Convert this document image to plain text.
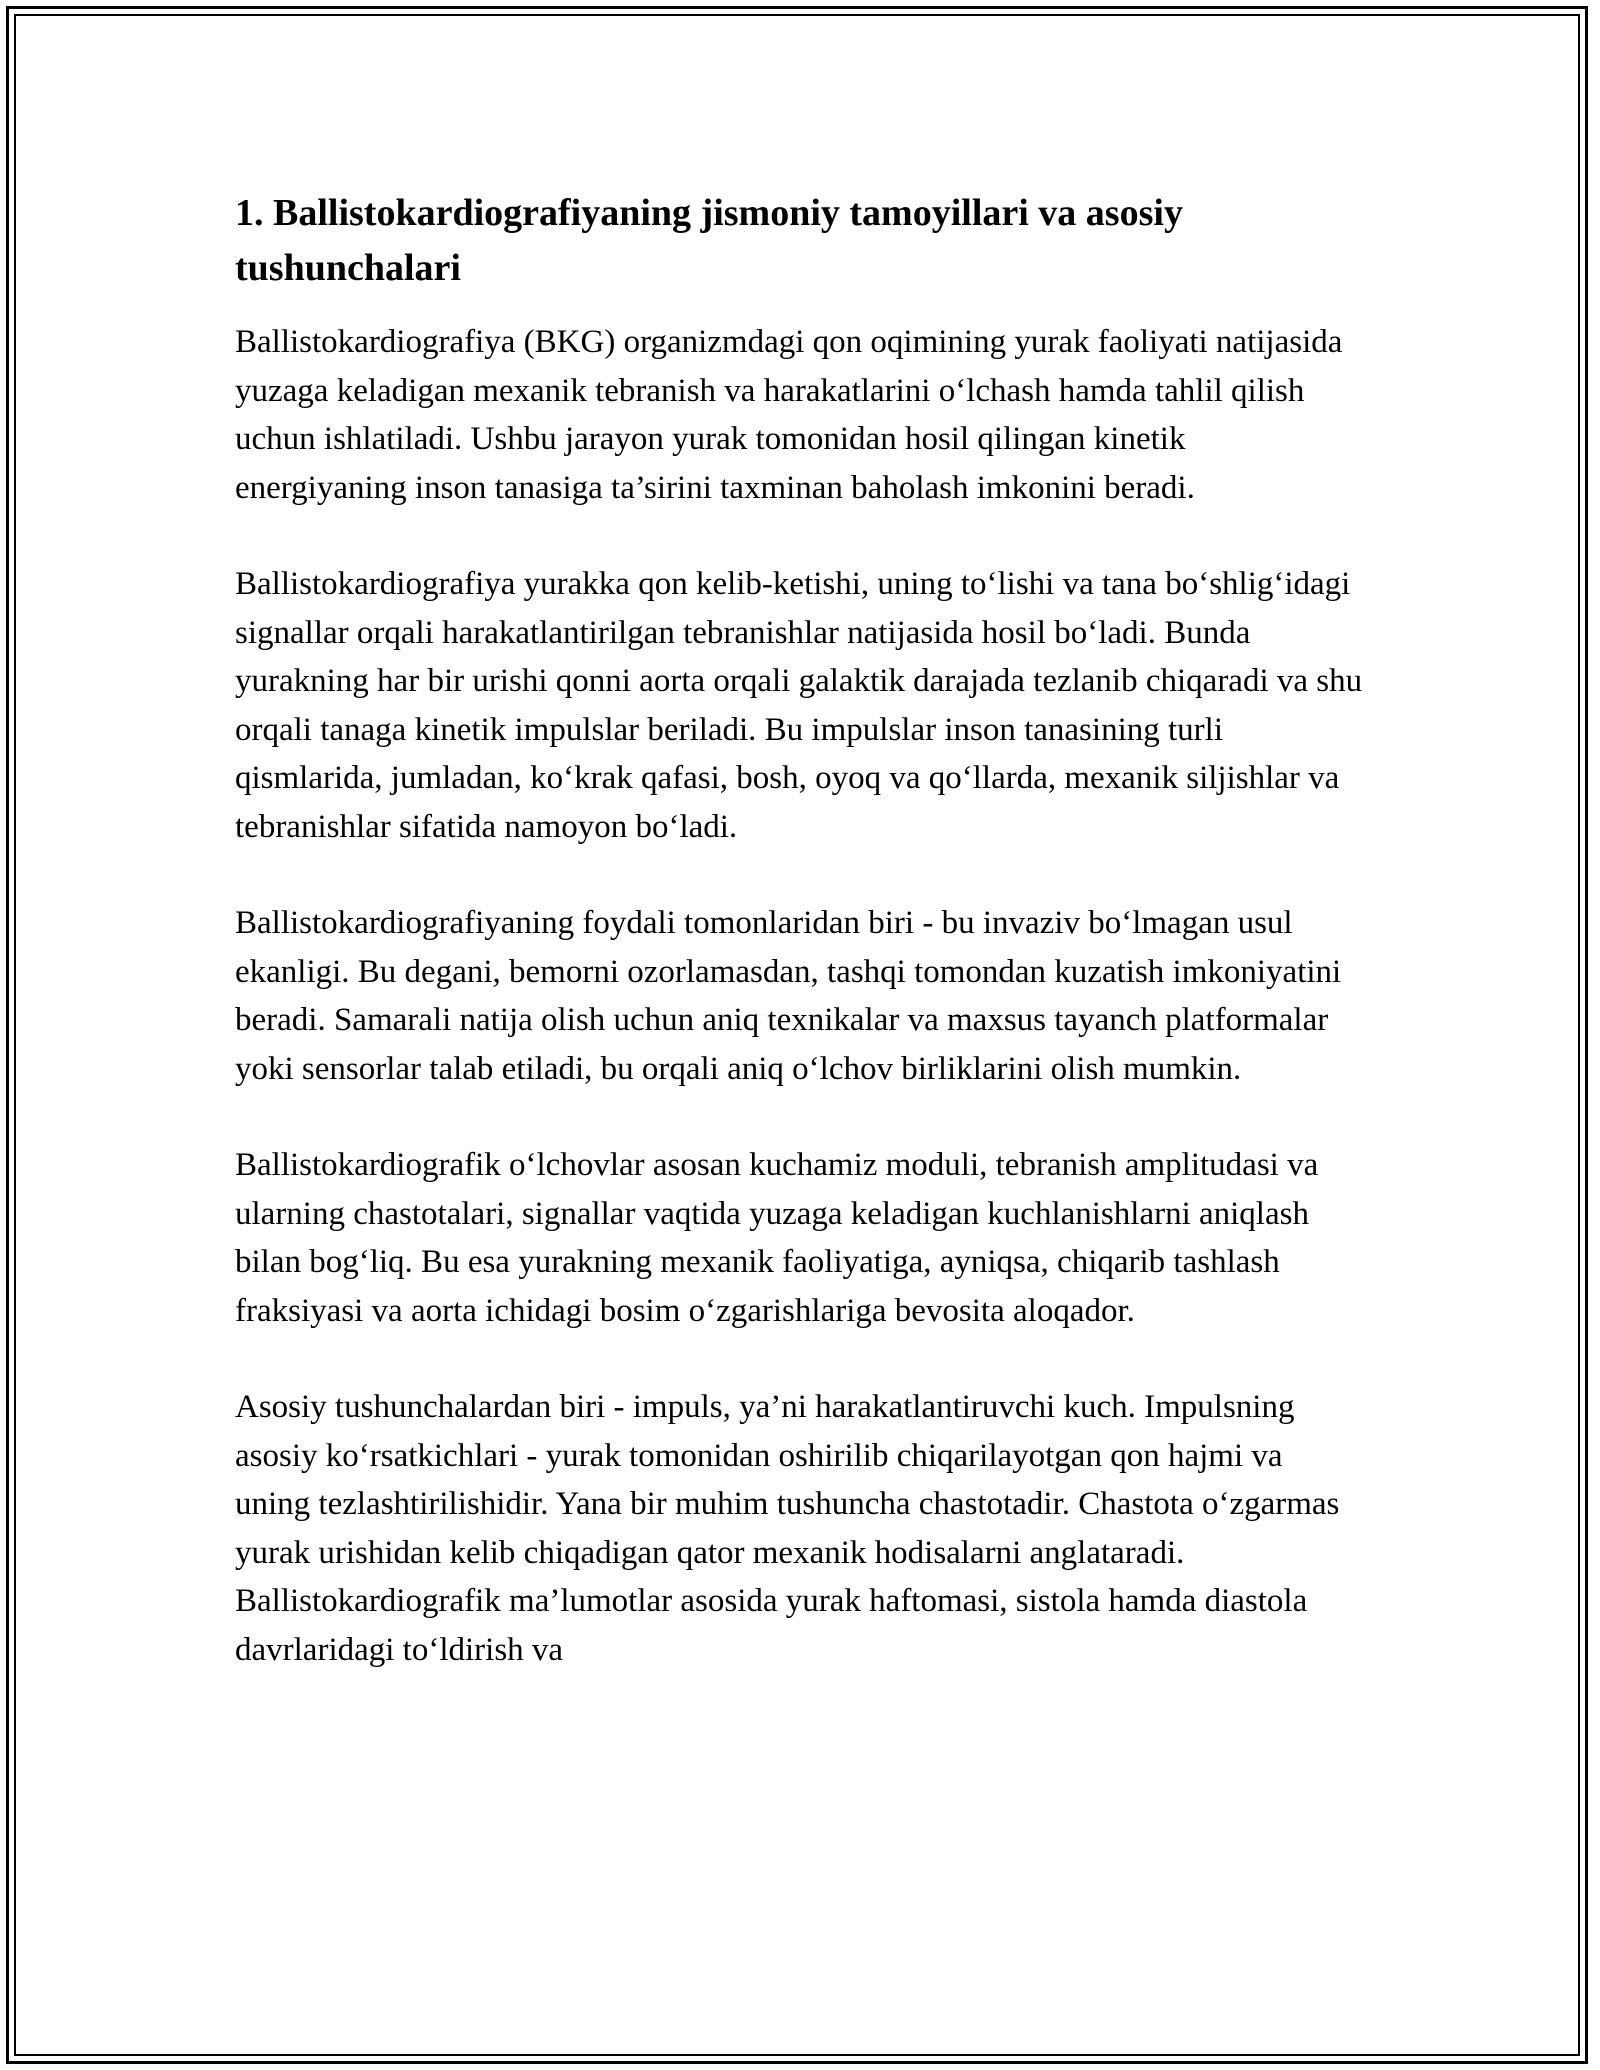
1. Ballistokardiografiyaning jismoniy tamoyillari va asosiy tushunchalari

Ballistokardiografiya (BKG) organizmdagi qon oqimining yurak faoliyati natijasida yuzaga keladigan mexanik tebranish va harakatlarini o‘lchash hamda tahlil qilish uchun ishlatiladi. Ushbu jarayon yurak tomonidan hosil qilingan kinetik energiyaning inson tanasiga ta’sirini taxminan baholash imkonini beradi.

Ballistokardiografiya yurakka qon kelib-ketishi, uning to‘lishi va tana bo‘shlig‘idagi signallar orqali harakatlantirilgan tebranishlar natijasida hosil bo‘ladi. Bunda yurakning har bir urishi qonni aorta orqali galaktik darajada tezlanib chiqaradi va shu orqali tanaga kinetik impulslar beriladi. Bu impulslar inson tanasining turli qismlarida, jumladan, ko‘krak qafasi, bosh, oyoq va qo‘llarda, mexanik siljishlar va tebranishlar sifatida namoyon bo‘ladi.

Ballistokardiografiyaning foydali tomonlaridan biri - bu invaziv bo‘lmagan usul ekanligi. Bu degani, bemorni ozorlamasdan, tashqi tomondan kuzatish imkoniyatini beradi. Samarali natija olish uchun aniq texnikalar va maxsus tayanch platformalar yoki sensorlar talab etiladi, bu orqali aniq o‘lchov birliklarini olish mumkin.

Ballistokardiografik o‘lchovlar asosan kuchamiz moduli, tebranish amplitudasi va ularning chastotalari, signallar vaqtida yuzaga keladigan kuchlanishlarni aniqlash bilan bog‘liq. Bu esa yurakning mexanik faoliyatiga, ayniqsa, chiqarib tashlash fraksiyasi va aorta ichidagi bosim o‘zgarishlariga bevosita aloqador.

Asosiy tushunchalardan biri - impuls, ya’ni harakatlantiruvchi kuch. Impulsning asosiy ko‘rsatkichlari - yurak tomonidan oshirilib chiqarilayotgan qon hajmi va uning tezlashtirilishidir. Yana bir muhim tushuncha chastotadir. Chastota o‘zgarmas yurak urishidan kelib chiqadigan qator mexanik hodisalarni anglataradi. Ballistokardiografik ma’lumotlar asosida yurak haftomasi, sistola hamda diastola davrlaridagi to‘ldirish va
